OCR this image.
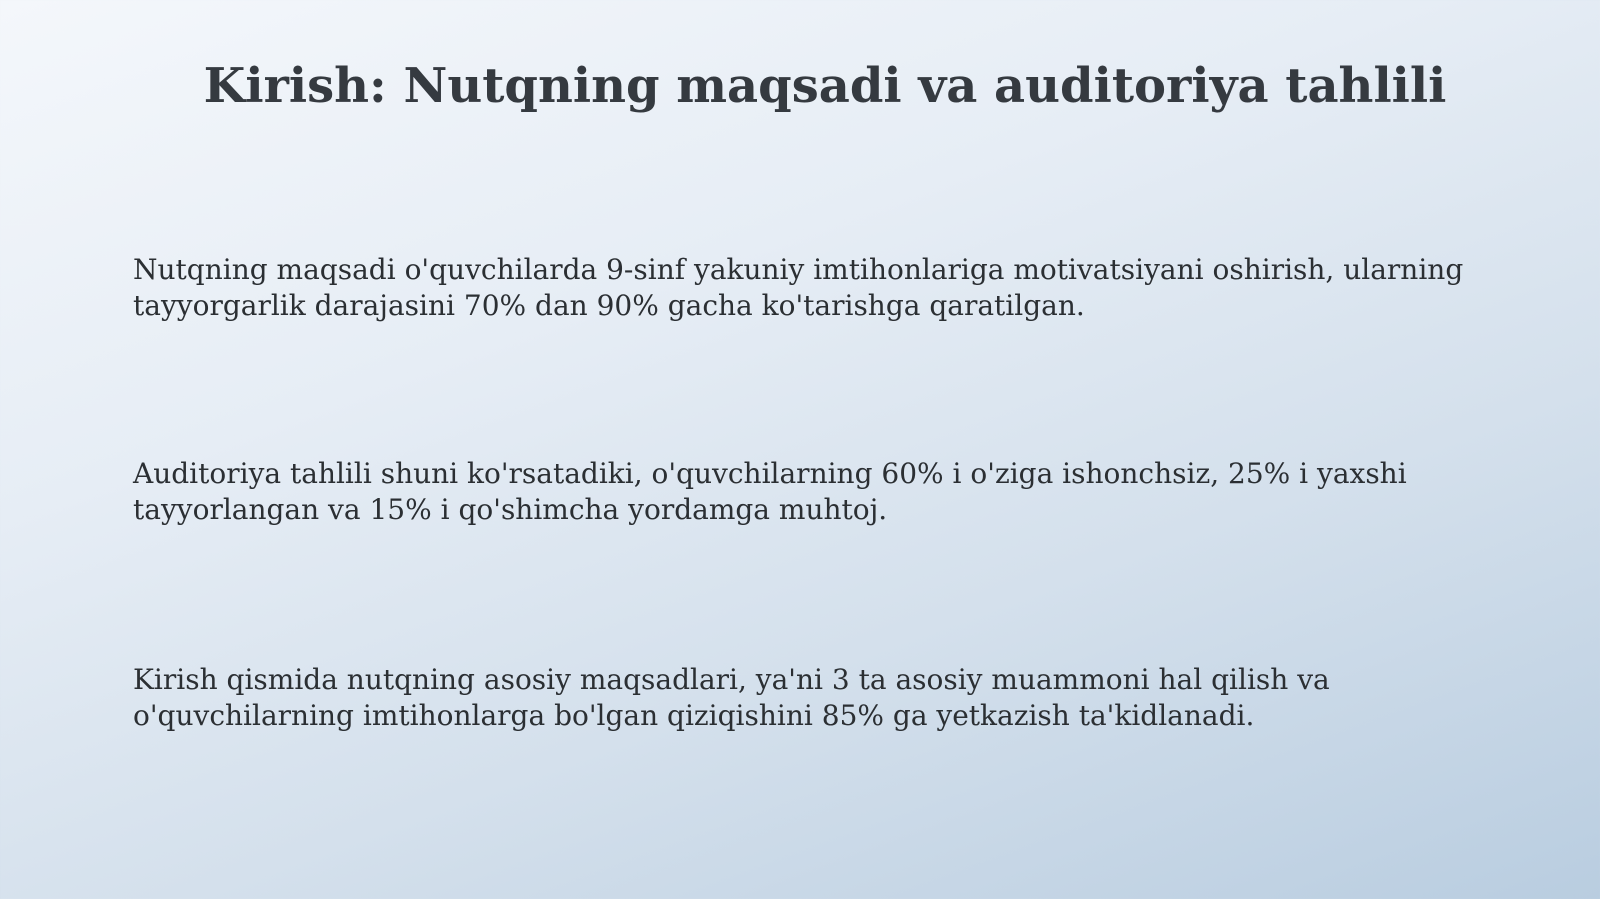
Kirish: Nutqning maqsadi va auditoriya tahlili

Nutqning maqsadi o'quvchilarda 9-sinf yakuniy imtihonlariga motivatsiyani oshirish, ularning tayyorgarlik darajasini 70% dan 90% gacha ko'tarishga qaratilgan.

Auditoriya tahlili shuni ko'rsatadiki, o'quvchilarning 60% i o'ziga ishonchsiz, 25% i yaxshi tayyorlangan va 15% i qo'shimcha yordamga muhtoj.

Kirish qismida nutqning asosiy maqsadlari, ya'ni 3 ta asosiy muammoni hal qilish va o'quvchilarning imtihonlarga bo'lgan qiziqishini 85% ga yetkazish ta'kidlanadi.
